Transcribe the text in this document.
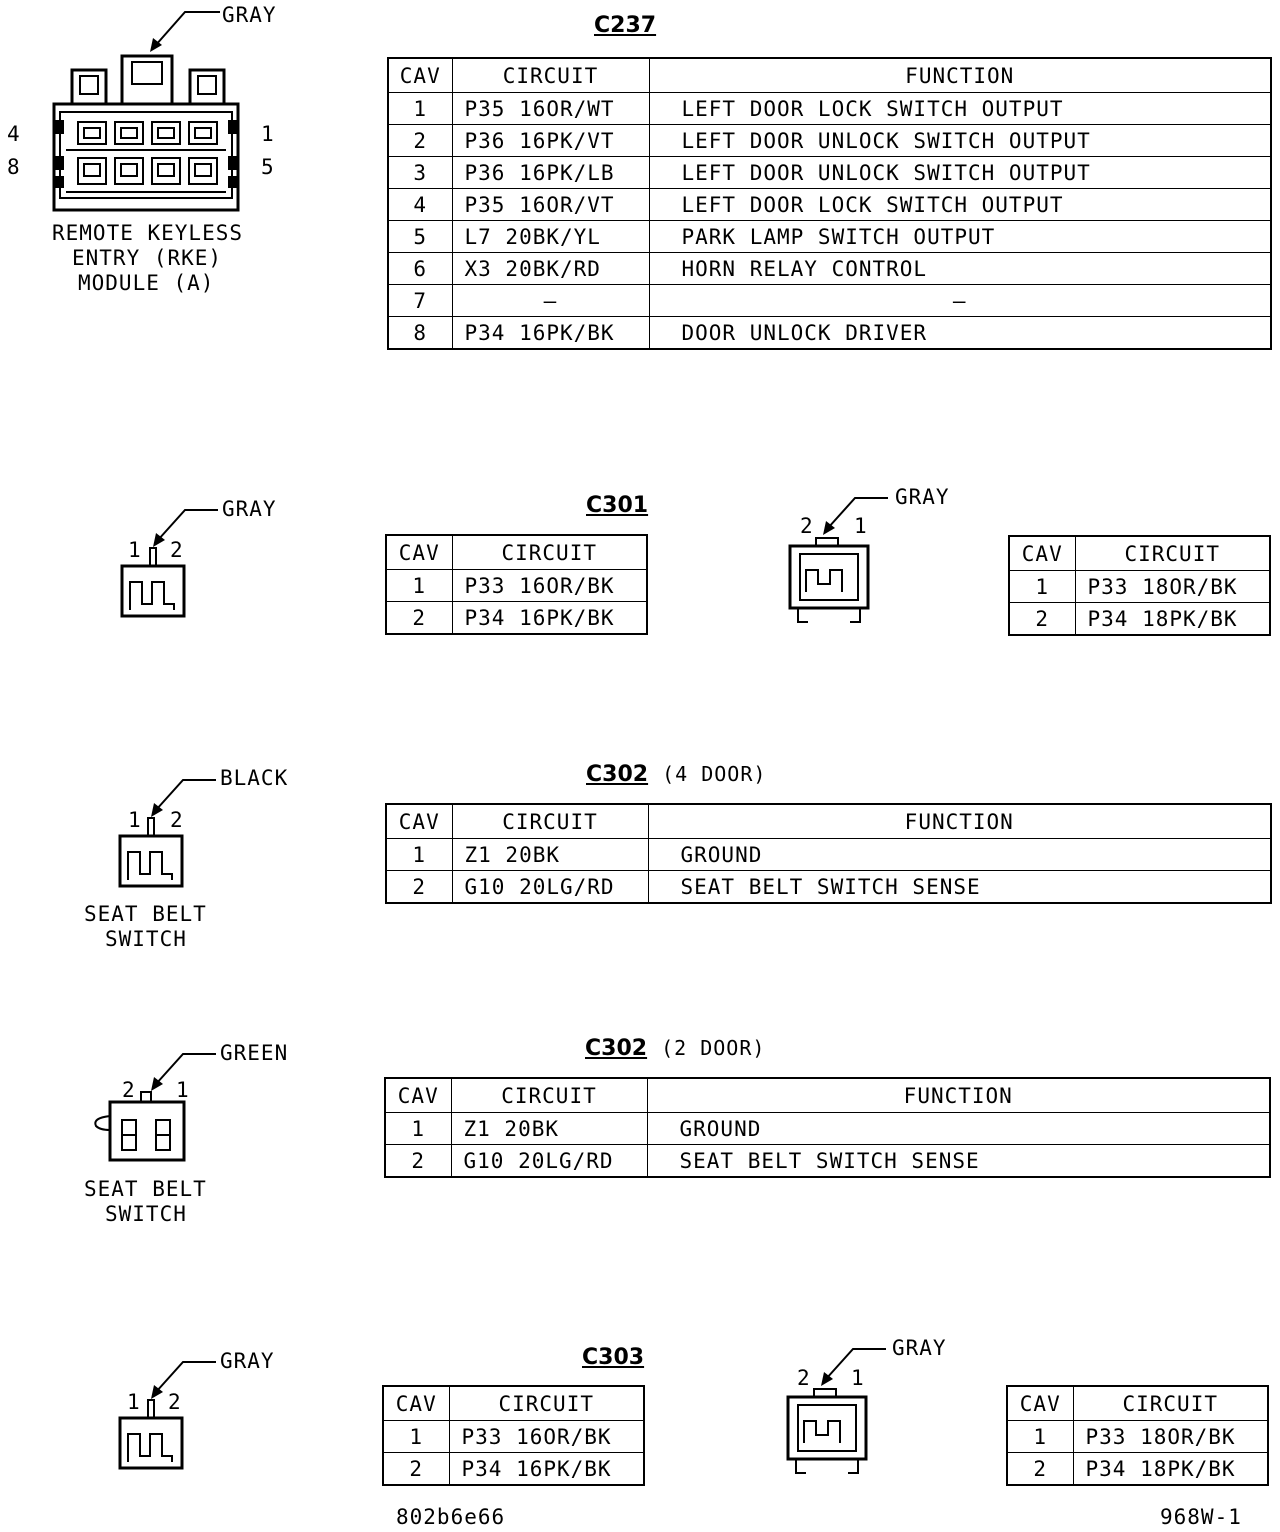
GRAY
4	1
8	5
REMOTE KEYLESS
ENTRY (RKE)
MODULE (A)
C237
CAV	CIRCUIT	FUNCTION
1	P35 16OR/WT	LEFT DOOR LOCK SWITCH OUTPUT
2	P36 16PK/VT	LEFT DOOR UNLOCK SWITCH OUTPUT
3	P36 16PK/LB	LEFT DOOR UNLOCK SWITCH OUTPUT
4	P35 16OR/VT	LEFT DOOR LOCK SWITCH OUTPUT
5	L7 20BK/YL	PARK LAMP SWITCH OUTPUT
6	X3 20BK/RD	HORN RELAY CONTROL
7	–	–
8	P34 16PK/BK	DOOR UNLOCK DRIVER
GRAY
1 2
C301
CAV	CIRCUIT
1	P33 16OR/BK
2	P34 16PK/BK
GRAY
2 1
CAV	CIRCUIT
1	P33 18OR/BK
2	P34 18PK/BK
BLACK
1 2
SEAT BELT
SWITCH
C302 (4 DOOR)
CAV	CIRCUIT	FUNCTION
1	Z1 20BK	GROUND
2	G10 20LG/RD	SEAT BELT SWITCH SENSE
GREEN
2 1
SEAT BELT
SWITCH
C302 (2 DOOR)
CAV	CIRCUIT	FUNCTION
1	Z1 20BK	GROUND
2	G10 20LG/RD	SEAT BELT SWITCH SENSE
GRAY
1 2
C303
CAV	CIRCUIT
1	P33 16OR/BK
2	P34 16PK/BK
GRAY
2 1
CAV	CIRCUIT
1	P33 18OR/BK
2	P34 18PK/BK
802b6e66	968W-1
